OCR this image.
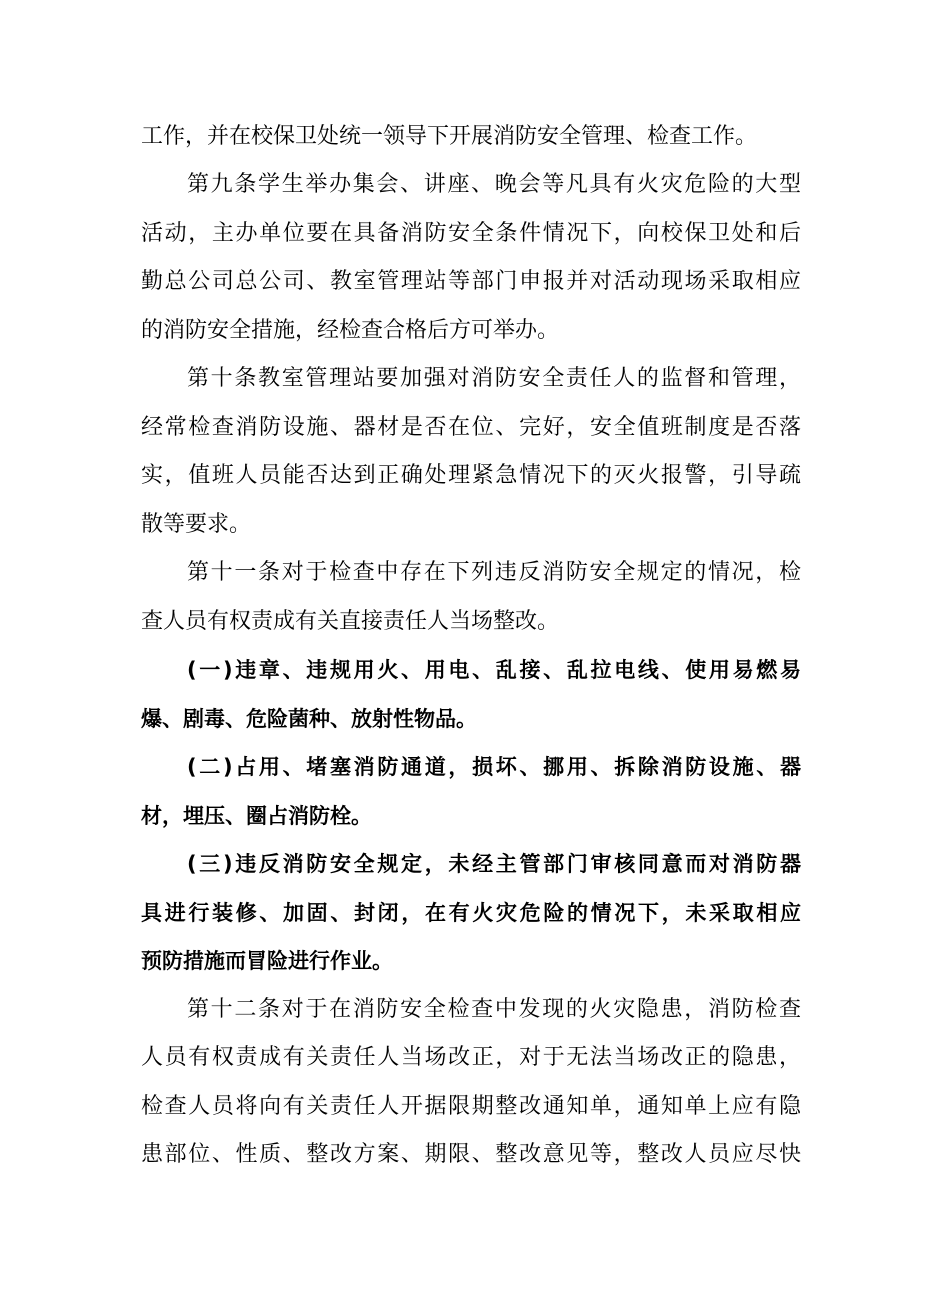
工作，并在校保卫处统一领导下开展消防安全管理、检查工作。
第九条学生举办集会、讲座、晚会等凡具有火灾危险的大型
活动，主办单位要在具备消防安全条件情况下，向校保卫处和后
勤总公司总公司、教室管理站等部门申报并对活动现场采取相应
的消防安全措施，经检查合格后方可举办。
第十条教室管理站要加强对消防安全责任人的监督和管理，
经常检查消防设施、器材是否在位、完好，安全值班制度是否落
实，值班人员能否达到正确处理紧急情况下的灭火报警，引导疏
散等要求。
第十一条对于检查中存在下列违反消防安全规定的情况，检
查人员有权责成有关直接责任人当场整改。
(一)违章、违规用火、用电、乱接、乱拉电线、使用易燃易
爆、剧毒、危险菌种、放射性物品。
(二)占用、堵塞消防通道，损坏、挪用、拆除消防设施、器
材，埋压、圈占消防栓。
(三)违反消防安全规定，未经主管部门审核同意而对消防器
具进行装修、加固、封闭，在有火灾危险的情况下，未采取相应
预防措施而冒险进行作业。
第十二条对于在消防安全检查中发现的火灾隐患，消防检查
人员有权责成有关责任人当场改正，对于无法当场改正的隐患，
检查人员将向有关责任人开据限期整改通知单，通知单上应有隐
患部位、性质、整改方案、期限、整改意见等，整改人员应尽快
